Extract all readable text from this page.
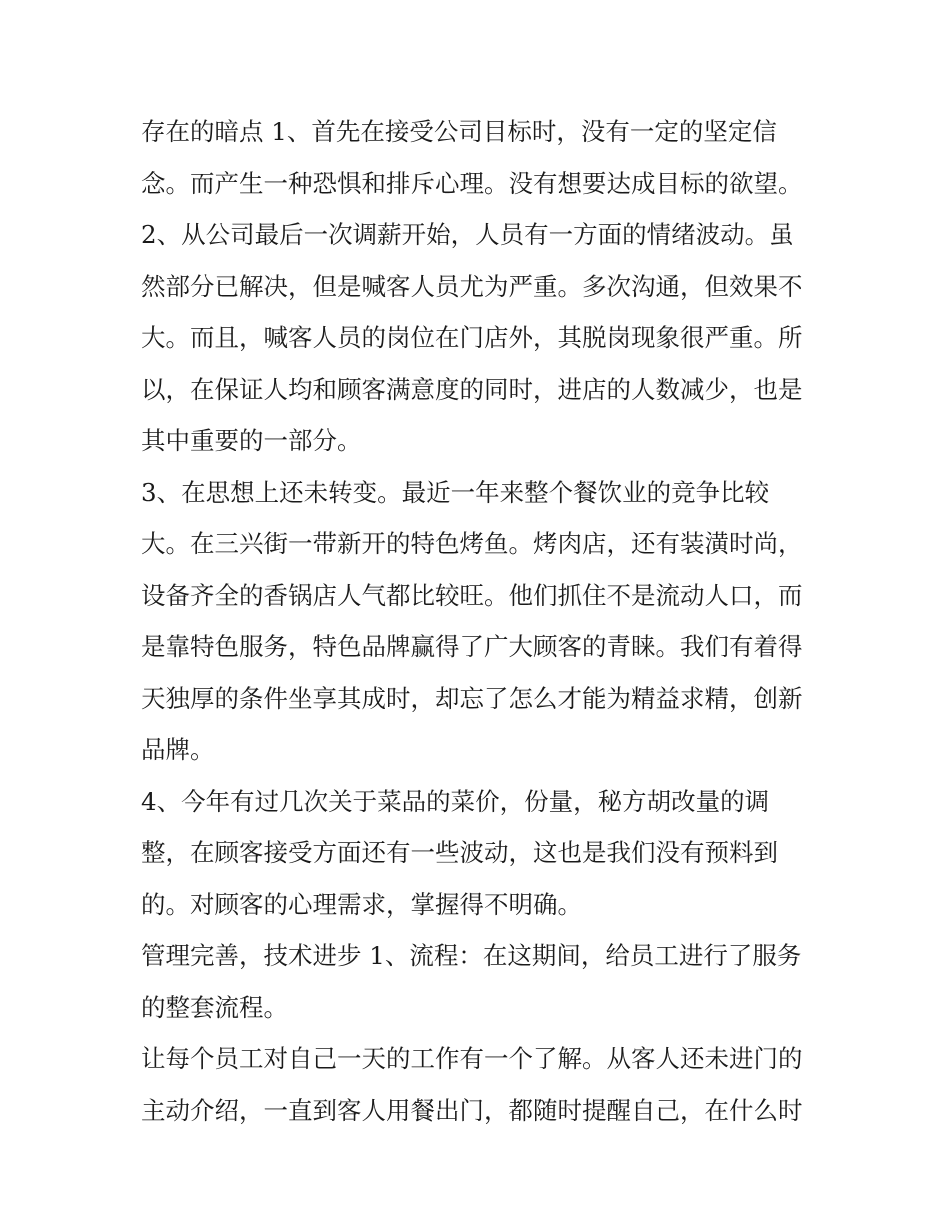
存在的暗点 1、首先在接受公司目标时，没有一定的坚定信
念。而产生一种恐惧和排斥心理。没有想要达成目标的欲望。
2、从公司最后一次调薪开始，人员有一方面的情绪波动。虽
然部分已解决，但是喊客人员尤为严重。多次沟通，但效果不
大。而且，喊客人员的岗位在门店外，其脱岗现象很严重。所
以，在保证人均和顾客满意度的同时，进店的人数减少，也是
其中重要的一部分。
3、在思想上还未转变。最近一年来整个餐饮业的竞争比较
大。在三兴街一带新开的特色烤鱼。烤肉店，还有装潢时尚，
设备齐全的香锅店人气都比较旺。他们抓住不是流动人口，而
是靠特色服务，特色品牌赢得了广大顾客的青睐。我们有着得
天独厚的条件坐享其成时，却忘了怎么才能为精益求精，创新
品牌。
4、今年有过几次关于菜品的菜价，份量，秘方胡改量的调
整，在顾客接受方面还有一些波动，这也是我们没有预料到
的。对顾客的心理需求，掌握得不明确。
管理完善，技术进步 1、流程：在这期间，给员工进行了服务
的整套流程。
让每个员工对自己一天的工作有一个了解。从客人还未进门的
主动介绍，一直到客人用餐出门，都随时提醒自己，在什么时
